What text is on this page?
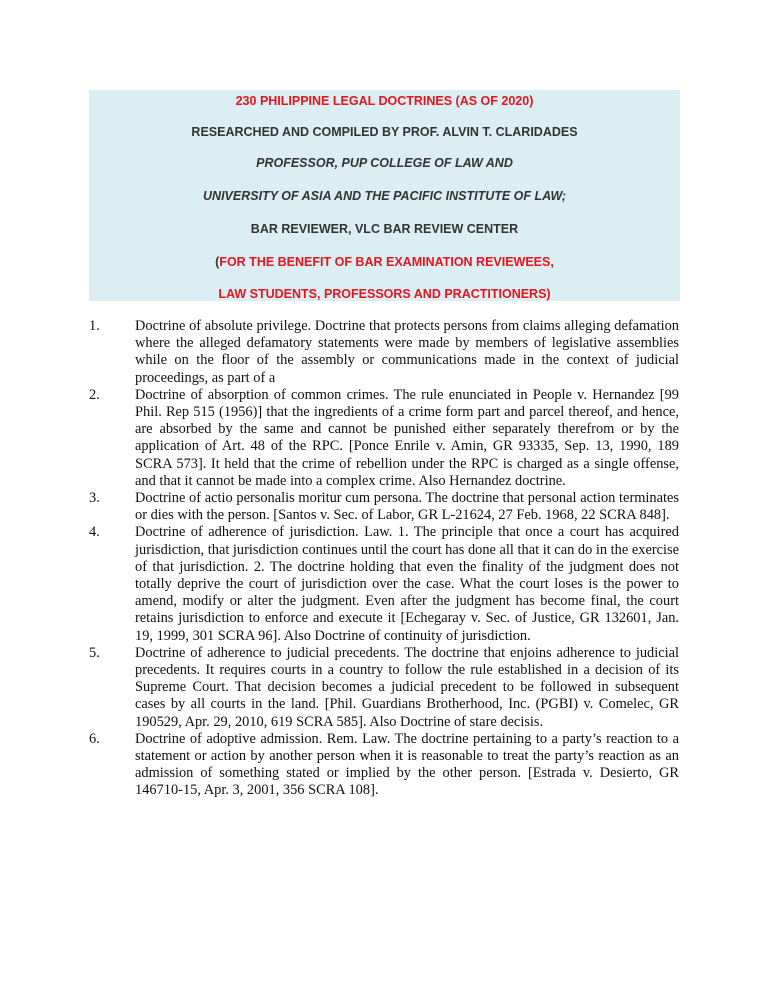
230 PHILIPPINE LEGAL DOCTRINES (AS OF 2020)
RESEARCHED AND COMPILED BY PROF. ALVIN T. CLARIDADES
PROFESSOR, PUP COLLEGE OF LAW AND
UNIVERSITY OF ASIA AND THE PACIFIC INSTITUTE OF LAW;
BAR REVIEWER, VLC BAR REVIEW CENTER
(FOR THE BENEFIT OF BAR EXAMINATION REVIEWEES,
LAW STUDENTS, PROFESSORS AND PRACTITIONERS)
1. Doctrine of absolute privilege. Doctrine that protects persons from claims alleging defamation where the alleged defamatory statements were made by members of legislative assemblies while on the floor of the assembly or communications made in the context of judicial proceedings, as part of a
2. Doctrine of absorption of common crimes. The rule enunciated in People v. Hernandez [99 Phil. Rep 515 (1956)] that the ingredients of a crime form part and parcel thereof, and hence, are absorbed by the same and cannot be punished either separately therefrom or by the application of Art. 48 of the RPC. [Ponce Enrile v. Amin, GR 93335, Sep. 13, 1990, 189 SCRA 573]. It held that the crime of rebellion under the RPC is charged as a single offense, and that it cannot be made into a complex crime. Also Hernandez doctrine.
3. Doctrine of actio personalis moritur cum persona. The doctrine that personal action terminates or dies with the person. [Santos v. Sec. of Labor, GR L-21624, 27 Feb. 1968, 22 SCRA 848].
4. Doctrine of adherence of jurisdiction. Law. 1. The principle that once a court has acquired jurisdiction, that jurisdiction continues until the court has done all that it can do in the exercise of that jurisdiction. 2. The doctrine holding that even the finality of the judgment does not totally deprive the court of jurisdiction over the case. What the court loses is the power to amend, modify or alter the judgment. Even after the judgment has become final, the court retains jurisdiction to enforce and execute it [Echegaray v. Sec. of Justice, GR 132601, Jan. 19, 1999, 301 SCRA 96]. Also Doctrine of continuity of jurisdiction.
5. Doctrine of adherence to judicial precedents. The doctrine that enjoins adherence to judicial precedents. It requires courts in a country to follow the rule established in a decision of its Supreme Court. That decision becomes a judicial precedent to be followed in subsequent cases by all courts in the land. [Phil. Guardians Brotherhood, Inc. (PGBI) v. Comelec, GR 190529, Apr. 29, 2010, 619 SCRA 585]. Also Doctrine of stare decisis.
6. Doctrine of adoptive admission. Rem. Law. The doctrine pertaining to a party’s reaction to a statement or action by another person when it is reasonable to treat the party’s reaction as an admission of something stated or implied by the other person. [Estrada v. Desierto, GR 146710-15, Apr. 3, 2001, 356 SCRA 108].
